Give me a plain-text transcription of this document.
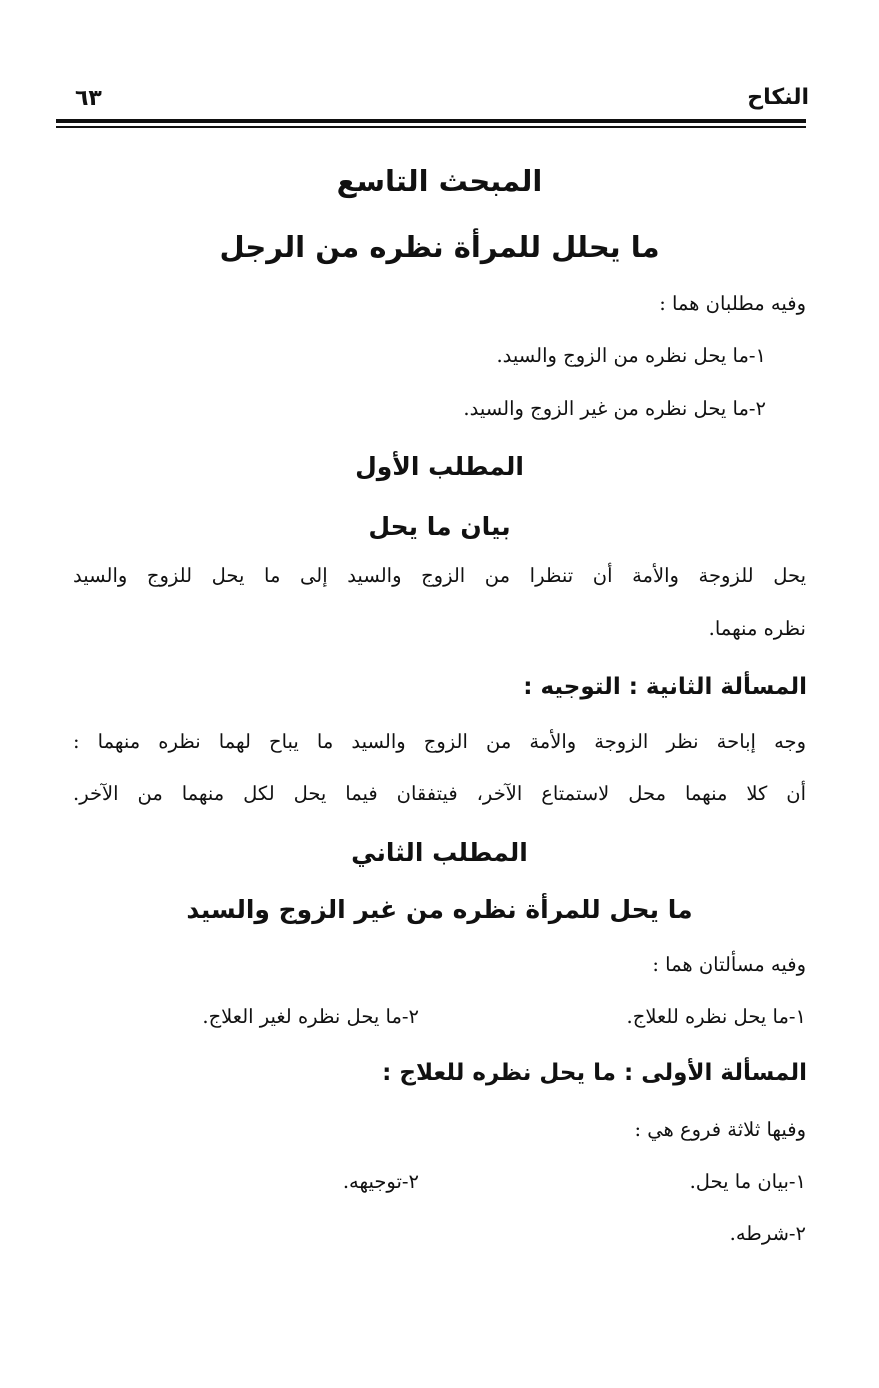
النكاح
٦٣
المبحث التاسع
ما يحلل للمرأة نظره من الرجل
وفيه مطلبان هما :
١-ما يحل نظره من الزوج والسيد.
٢-ما يحل نظره من غير الزوج والسيد.
المطلب الأول
بيان ما يحل
يحل للزوجة والأمة أن تنظرا من الزوج والسيد إلى ما يحل للزوج والسيد
نظره منهما.
المسألة الثانية : التوجيه :
وجه إباحة نظر الزوجة والأمة من الزوج والسيد ما يباح لهما نظره منهما :
أن كلا منهما محل لاستمتاع الآخر، فيتفقان فيما يحل لكل منهما من الآخر.
المطلب الثاني
ما يحل للمرأة نظره من غير الزوج والسيد
وفيه مسألتان هما :
١-ما يحل نظره للعلاج.
٢-ما يحل نظره لغير العلاج.
المسألة الأولى : ما يحل نظره للعلاج :
وفيها ثلاثة فروع هي :
١-بيان ما يحل.
٢-توجيهه.
٢-شرطه.
